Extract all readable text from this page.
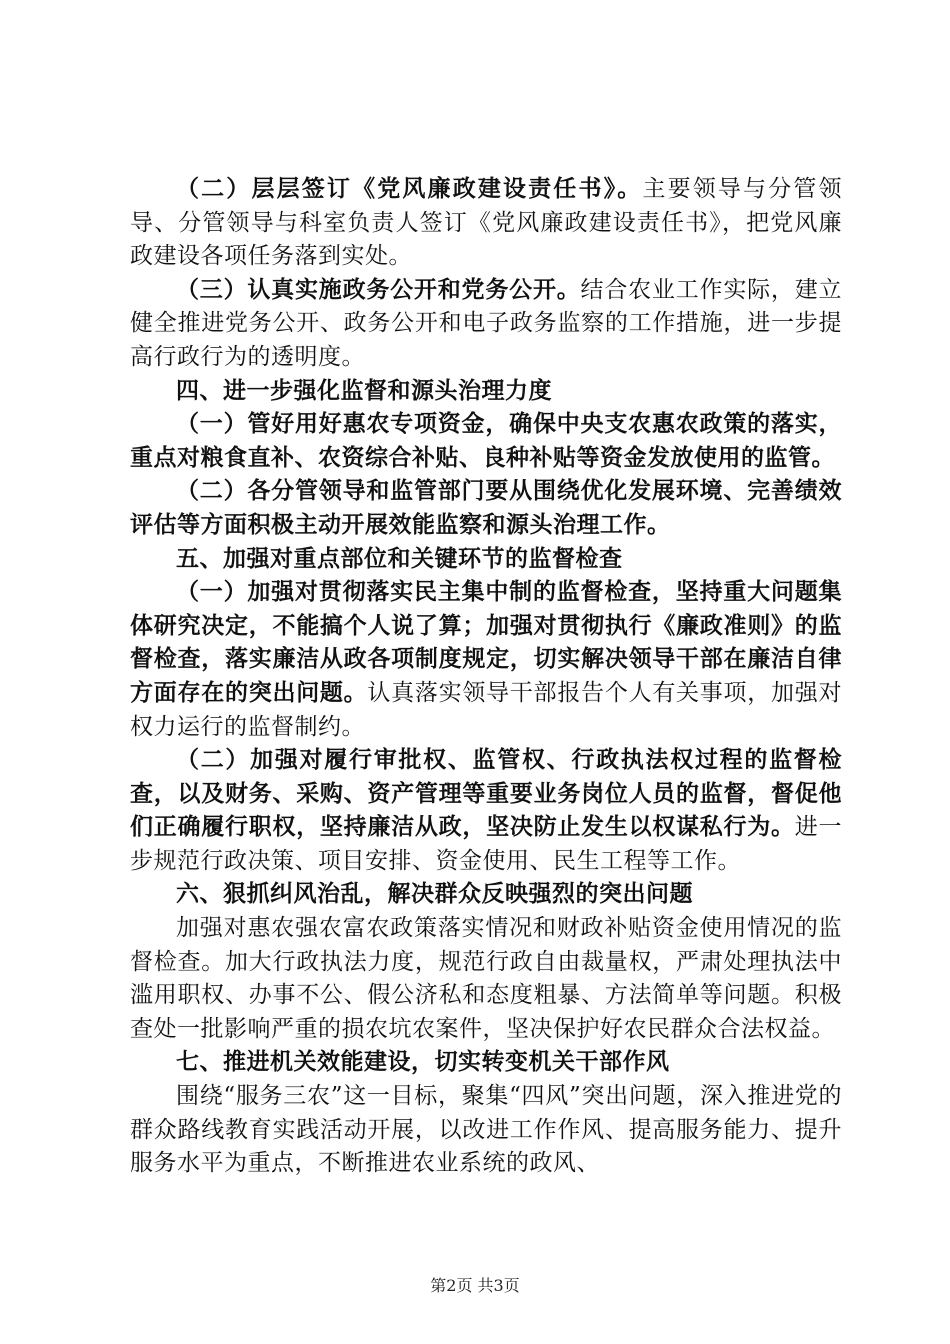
（二）层层签订《党风廉政建设责任书》。主要领导与分管领导、分管领导与科室负责人签订《党风廉政建设责任书》，把党风廉政建设各项任务落到实处。

（三）认真实施政务公开和党务公开。结合农业工作实际，建立健全推进党务公开、政务公开和电子政务监察的工作措施，进一步提高行政行为的透明度。

四、进一步强化监督和源头治理力度

（一）管好用好惠农专项资金，确保中央支农惠农政策的落实，重点对粮食直补、农资综合补贴、良种补贴等资金发放使用的监管。

（二）各分管领导和监管部门要从围绕优化发展环境、完善绩效评估等方面积极主动开展效能监察和源头治理工作。

五、加强对重点部位和关键环节的监督检查

（一）加强对贯彻落实民主集中制的监督检查，坚持重大问题集体研究决定，不能搞个人说了算；加强对贯彻执行《廉政准则》的监督检查，落实廉洁从政各项制度规定，切实解决领导干部在廉洁自律方面存在的突出问题。认真落实领导干部报告个人有关事项，加强对权力运行的监督制约。

（二）加强对履行审批权、监管权、行政执法权过程的监督检查，以及财务、采购、资产管理等重要业务岗位人员的监督，督促他们正确履行职权，坚持廉洁从政，坚决防止发生以权谋私行为。进一步规范行政决策、项目安排、资金使用、民生工程等工作。

六、狠抓纠风治乱，解决群众反映强烈的突出问题

加强对惠农强农富农政策落实情况和财政补贴资金使用情况的监督检查。加大行政执法力度，规范行政自由裁量权，严肃处理执法中滥用职权、办事不公、假公济私和态度粗暴、方法简单等问题。积极查处一批影响严重的损农坑农案件，坚决保护好农民群众合法权益。

七、推进机关效能建设，切实转变机关干部作风

围绕“服务三农”这一目标，聚集“四风”突出问题，深入推进党的群众路线教育实践活动开展，以改进工作作风、提高服务能力、提升服务水平为重点，不断推进农业系统的政风、

第2页 共3页
